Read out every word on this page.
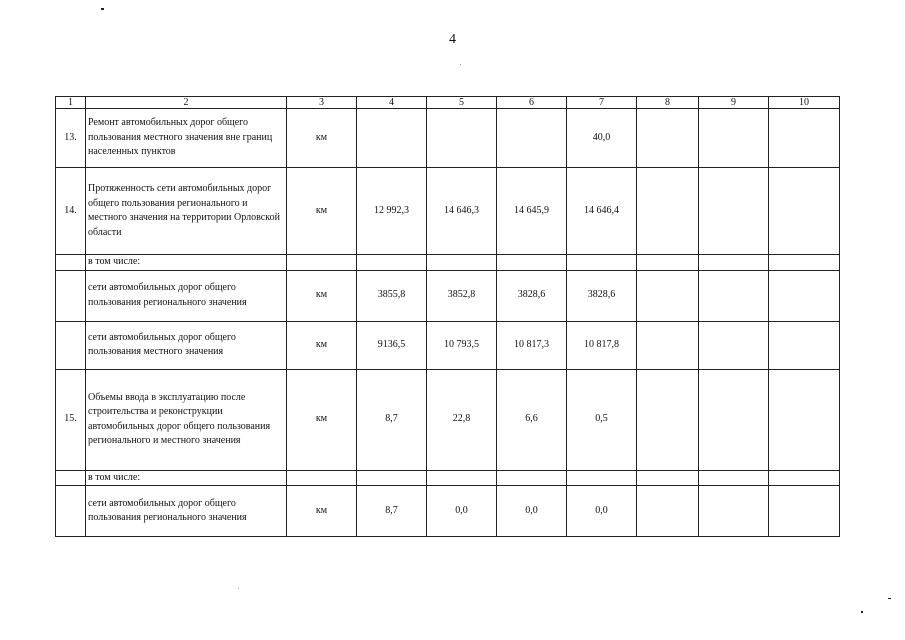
4
1	2	3	4	5	6	7	8	9	10
13.	Ремонт автомобильных дорог общего пользования местного значения вне границ населенных пунктов	км				40,0			
14.	Протяженность сети автомобильных дорог общего пользования регионального и местного значения на территории Орловской области	км	12 992,3	14 646,3	14 645,9	14 646,4			
	в том числе:								
	сети автомобильных дорог общего пользования регионального значения	км	3855,8	3852,8	3828,6	3828,6			
	сети автомобильных дорог общего пользования местного значения	км	9136,5	10 793,5	10 817,3	10 817,8			
15.	Объемы ввода в эксплуатацию после строительства и реконструкции автомобильных дорог общего пользования регионального и местного значения	км	8,7	22,8	6,6	0,5			
	в том числе:								
	сети автомобильных дорог общего пользования регионального значения	км	8,7	0,0	0,0	0,0			
